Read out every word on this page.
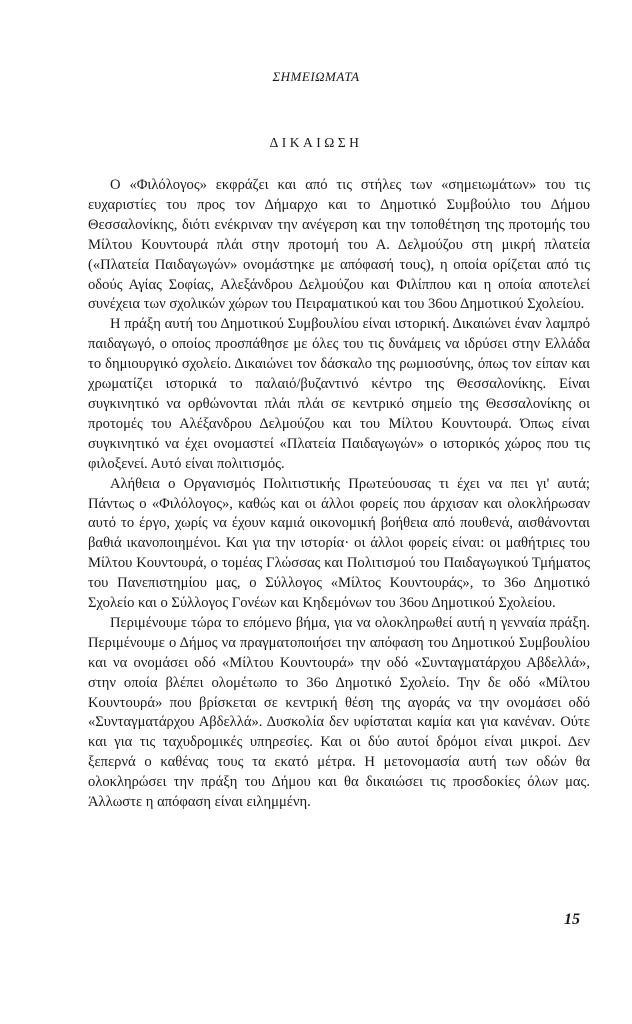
ΣΗΜΕΙΩΜΑΤΑ
ΔΙΚΑΙΩΣΗ

Ο «Φιλόλογος» εκφράζει και από τις στήλες των «σημειωμάτων» του τις ευχαριστίες του προς τον Δήμαρχο και το Δημοτικό Συμβούλιο του Δήμου Θεσσαλονίκης, διότι ενέκριναν την ανέγερση και την τοποθέτηση της προτομής του Μίλτου Κουντουρά πλάι στην προτομή του Α. Δελμούζου στη μικρή πλατεία («Πλατεία Παιδαγωγών» ονομάστηκε με απόφασή τους), η οποία ορίζεται από τις οδούς Αγίας Σοφίας, Αλεξάνδρου Δελμούζου και Φιλίππου και η οποία αποτελεί συνέχεια των σχολικών χώρων του Πειραματικού και του 36ου Δημοτικού Σχολείου.

Η πράξη αυτή του Δημοτικού Συμβουλίου είναι ιστορική. Δικαιώνει έναν λαμπρό παιδαγωγό, ο οποίος προσπάθησε με όλες του τις δυνάμεις να ιδρύσει στην Ελλάδα το δημιουργικό σχολείο. Δικαιώνει τον δάσκαλο της ρωμιοσύνης, όπως τον είπαν και χρωματίζει ιστορικά το παλαιό/βυζαντινό κέντρο της Θεσσαλονίκης. Είναι συγκινητικό να ορθώνονται πλάι πλάι σε κεντρικό σημείο της Θεσσαλονίκης οι προτομές του Αλέξανδρου Δελμούζου και του Μίλτου Κουντουρά. Όπως είναι συγκινητικό να έχει ονομαστεί «Πλατεία Παιδαγωγών» ο ιστορικός χώρος που τις φιλοξενεί. Αυτό είναι πολιτισμός.

Αλήθεια ο Οργανισμός Πολιτιστικής Πρωτεύουσας τι έχει να πει γι' αυτά; Πάντως ο «Φιλόλογος», καθώς και οι άλλοι φορείς που άρχισαν και ολοκλήρωσαν αυτό το έργο, χωρίς να έχουν καμιά οικονομική βοήθεια από πουθενά, αισθάνονται βαθιά ικανοποιημένοι. Και για την ιστορία· οι άλλοι φορείς είναι: οι μαθήτριες του Μίλτου Κουντουρά, ο τομέας Γλώσσας και Πολιτισμού του Παιδαγωγικού Τμήματος του Πανεπιστημίου μας, ο Σύλλογος «Μίλτος Κουντουράς», το 36ο Δημοτικό Σχολείο και ο Σύλλογος Γονέων και Κηδεμόνων του 36ου Δημοτικού Σχολείου.

Περιμένουμε τώρα το επόμενο βήμα, για να ολοκληρωθεί αυτή η γενναία πράξη. Περιμένουμε ο Δήμος να πραγματοποιήσει την απόφαση του Δημοτικού Συμβουλίου και να ονομάσει οδό «Μίλτου Κουντουρά» την οδό «Συνταγματάρχου Αβδελλά», στην οποία βλέπει ολομέτωπο το 36ο Δημοτικό Σχολείο. Την δε οδό «Μίλτου Κουντουρά» που βρίσκεται σε κεντρική θέση της αγοράς να την ονομάσει οδό «Συνταγματάρχου Αβδελλά». Δυσκολία δεν υφίσταται καμία και για κανέναν. Ούτε και για τις ταχυδρομικές υπηρεσίες. Και οι δύο αυτοί δρόμοι είναι μικροί. Δεν ξεπερνά ο καθένας τους τα εκατό μέτρα. Η μετονομασία αυτή των οδών θα ολοκληρώσει την πράξη του Δήμου και θα δικαιώσει τις προσδοκίες όλων μας. Άλλωστε η απόφαση είναι ειλημμένη.

15
